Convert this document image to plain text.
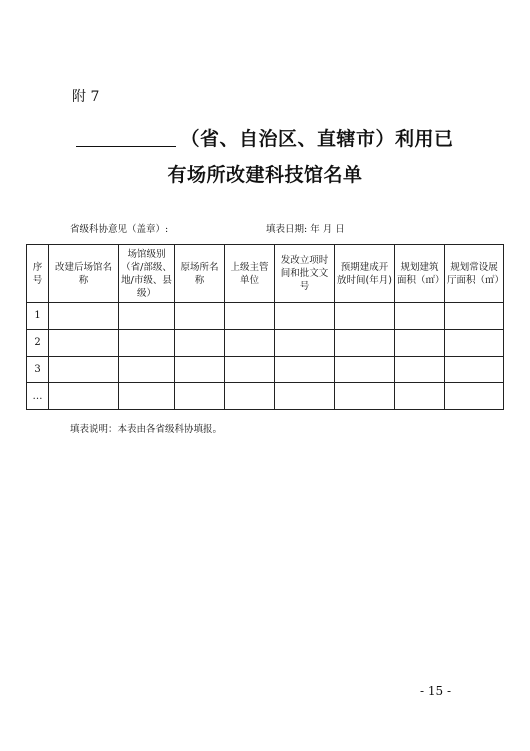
附 7
（省、自治区、直辖市）利用已
有场所改建科技馆名单
省级科协意见（盖章）:	填表日期: 年 月 日
序号	改建后场馆名称	场馆级别（省/部级、地/市级、县级）	原场所名称	上级主管单位	发改立项时间和批文文号	预期建成开放时间(年月)	规划建筑面积（㎡）	规划常设展厅面积（㎡）
1								
2								
3								
…								
填表说明：本表由各省级科协填报。
- 15 -
